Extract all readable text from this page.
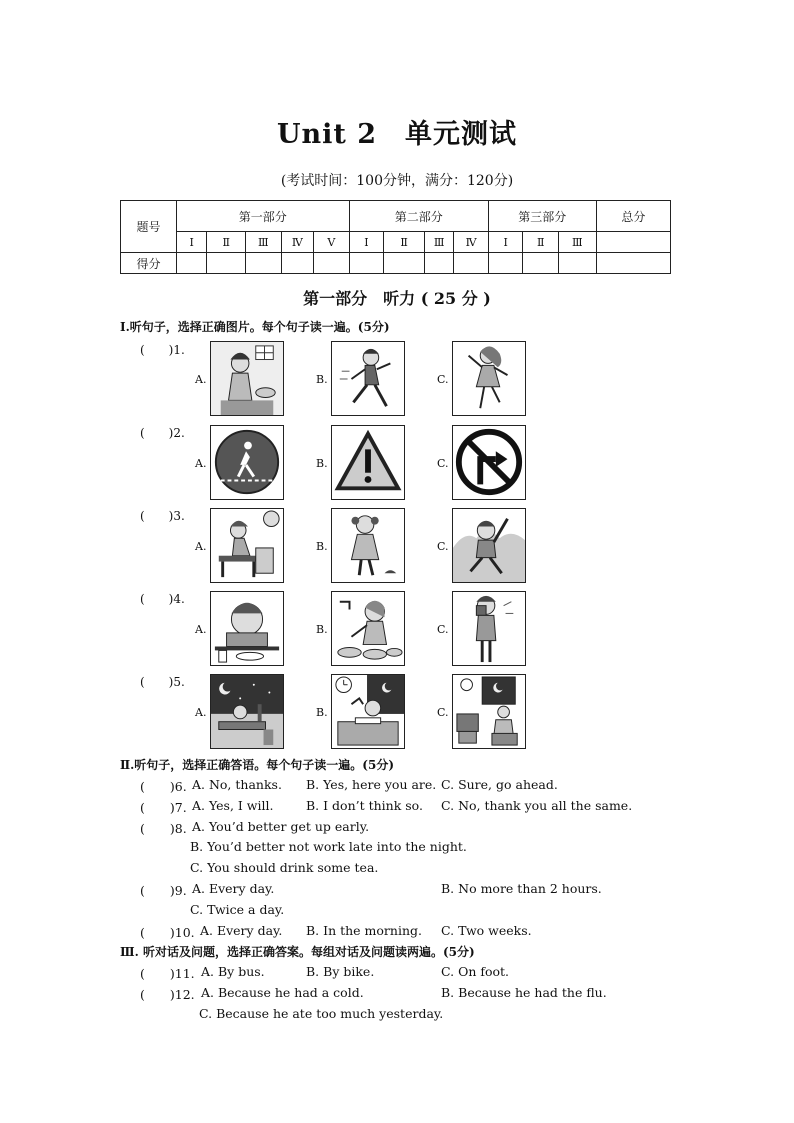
Unit 2　单元测试
(考试时间：100分钟，满分：120分)
题号	第一部分					第二部分				第三部分			总分
	Ⅰ	Ⅱ	Ⅲ	Ⅳ	Ⅴ	Ⅰ	Ⅱ	Ⅲ	Ⅳ	Ⅰ	Ⅱ	Ⅲ	
得分													
第一部分　听力 ( 25 分 )
Ⅰ.听句子，选择正确图片。每个句子读一遍。(5分)
(　　)1.
A.	B.	C.
(　　)2.
A.	B.	C.
(　　)3.
A.	B.	C.
(　　)4.
A.	B.	C.
(　　)5.
A.	B.	C.
Ⅱ.听句子，选择正确答语。每个句子读一遍。(5分)
(　　)6. A. No, thanks. B. Yes, here you are. C. Sure, go ahead.
(　　)7. A. Yes, I will.	B. I don’t think so. C. No, thank you all the same.
(　　)8. A. You’d better get up early.
B. You’d better not work late into the night.
C. You should drink some tea.
(　　)9. A. Every day.	B. No more than 2 hours.
C. Twice a day.
(　　)10. A. Every day. B. In the morning. C. Two weeks.
Ⅲ. 听对话及问题，选择正确答案。每组对话及问题读两遍。(5分)
(　　)11. A. By bus.	B. By bike.	C. On foot.
(　　)12. A. Because he had a cold.	B. Because he had the flu.
C. Because he ate too much yesterday.
